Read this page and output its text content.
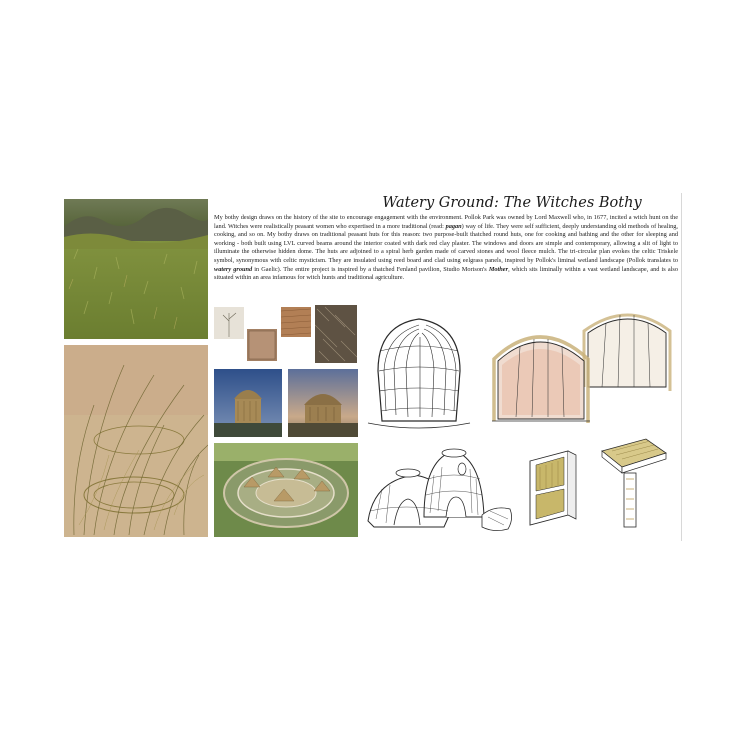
Watery Ground: The Witches Bothy
My bothy design draws on the history of the site to encourage engagement with the environment. Pollok Park was owned by Lord Maxwell who, in 1677, incited a witch hunt on the land. Witches were realistically peasant women who expertised in a more traditional (read: pagan) way of life. They were self sufficient, deeply understanding old methods of healing, cooking, and so on. My bothy draws on traditional peasant huts for this reason: two purpose-built thatched round huts, one for cooking and bathing and the other for sleeping and working - both built using LVL curved beams around the interior coated with dark red clay plaster. The windows and doors are simple and contemporary, allowing a slit of light to illuminate the otherwise hidden dome. The huts are adjoined to a spiral herb garden made of carved stones and wool fleece mulch. The tri-circular plan evokes the celtic Triskele symbol, synonymous with celtic mysticism. They are insulated using reed board and clad using eelgrass panels, inspired by Pollok's liminal wetland landscape (Pollok translates to watery ground in Gaelic). The entire project is inspired by a thatched Fenland pavilion, Studio Morison's Mother, which sits liminally within a vast wetland landscape, and is also situated within an area infamous for witch hunts and traditional agriculture.
